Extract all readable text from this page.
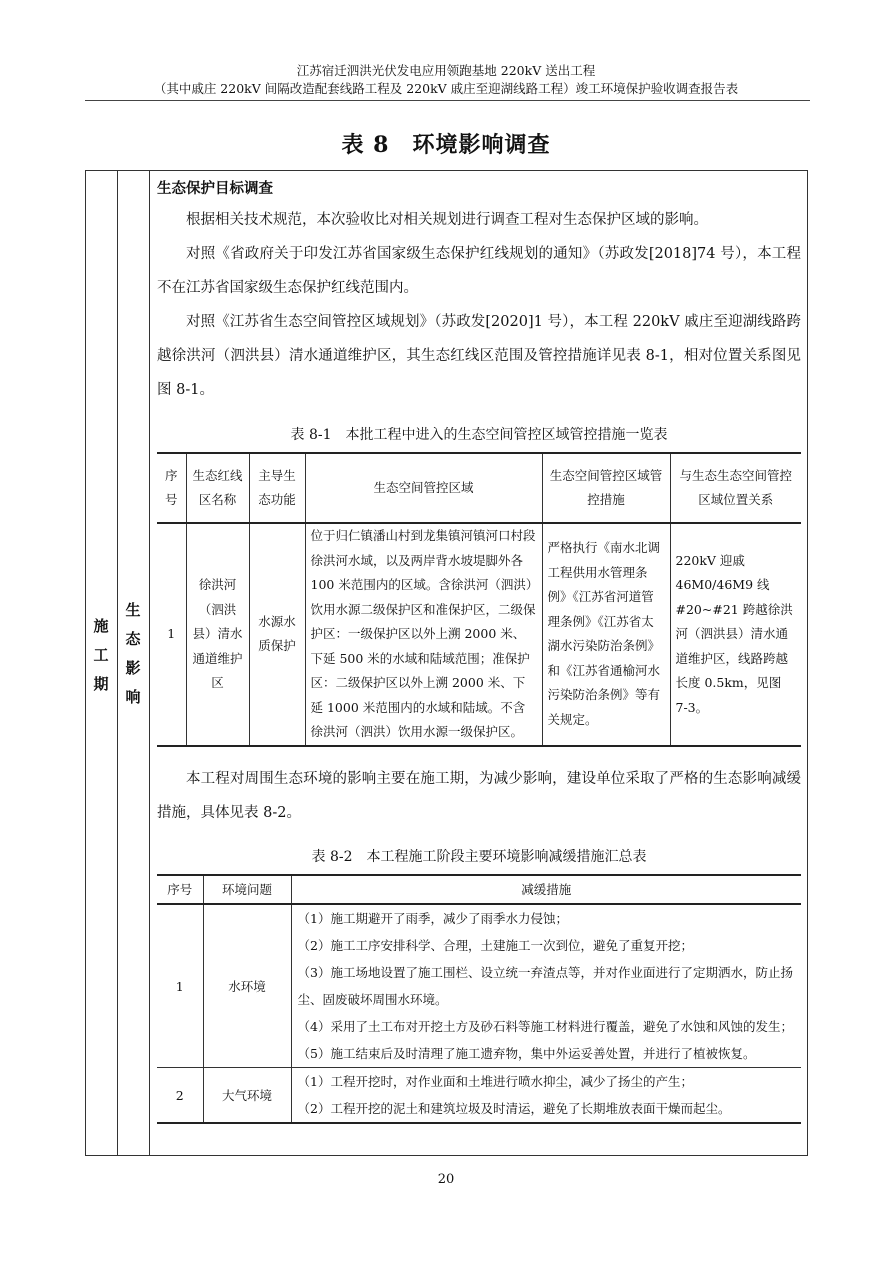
江苏宿迁泗洪光伏发电应用领跑基地 220kV 送出工程
（其中戚庄 220kV 间隔改造配套线路工程及 220kV 戚庄至迎湖线路工程）竣工环境保护验收调查报告表
表 8　环境影响调查
施
工
期
生
态
影
响

生态保护目标调查

根据相关技术规范，本次验收比对相关规划进行调查工程对生态保护区域的影响。

对照《省政府关于印发江苏省国家级生态保护红线规划的通知》（苏政发[2018]74 号），本工程不在江苏省国家级生态保护红线范围内。

对照《江苏省生态空间管控区域规划》（苏政发[2020]1 号），本工程 220kV 戚庄至迎湖线路跨越徐洪河（泗洪县）清水通道维护区，其生态红线区范围及管控措施详见表 8-1，相对位置关系图见图 8-1。

表 8-1　本批工程中进入的生态空间管控区域管控措施一览表
序号	生态红线区名称	主导生态功能	生态空间管控区域	生态空间管控区域管控措施	与生态生态空间管控区域位置关系
1	徐洪河（泗洪县）清水通道维护区	水源水质保护	位于归仁镇潘山村到龙集镇河镇河口村段徐洪河水域，以及两岸背水坡堤脚外各 100 米范围内的区域。含徐洪河（泗洪）饮用水源二级保护区和准保护区，二级保护区：一级保护区以外上溯 2000 米、下延 500 米的水域和陆域范围；准保护区：二级保护区以外上溯 2000 米、下延 1000 米范围内的水域和陆域。不含徐洪河（泗洪）饮用水源一级保护区。	严格执行《南水北调工程供用水管理条例》《江苏省河道管理条例》《江苏省太湖水污染防治条例》和《江苏省通榆河水污染防治条例》等有关规定。	220kV 迎戚 46M0/46M9 线 #20~#21 跨越徐洪河（泗洪县）清水通道维护区，线路跨越长度 0.5km，见图 7-3。

本工程对周围生态环境的影响主要在施工期，为减少影响，建设单位采取了严格的生态影响减缓措施，具体见表 8-2。

表 8-2　本工程施工阶段主要环境影响减缓措施汇总表
序号	环境问题	减缓措施
1	水环境	（1）施工期避开了雨季，减少了雨季水力侵蚀；
（2）施工工序安排科学、合理，土建施工一次到位，避免了重复开挖；
（3）施工场地设置了施工围栏、设立统一弃渣点等，并对作业面进行了定期洒水，防止扬尘、固废破坏周围水环境。
（4）采用了土工布对开挖土方及砂石料等施工材料进行覆盖，避免了水蚀和风蚀的发生；
（5）施工结束后及时清理了施工遗弃物，集中外运妥善处置，并进行了植被恢复。

2	大气环境	（1）工程开挖时，对作业面和土堆进行喷水抑尘，减少了扬尘的产生；
（2）工程开挖的泥土和建筑垃圾及时清运，避免了长期堆放表面干燥而起尘。
20
